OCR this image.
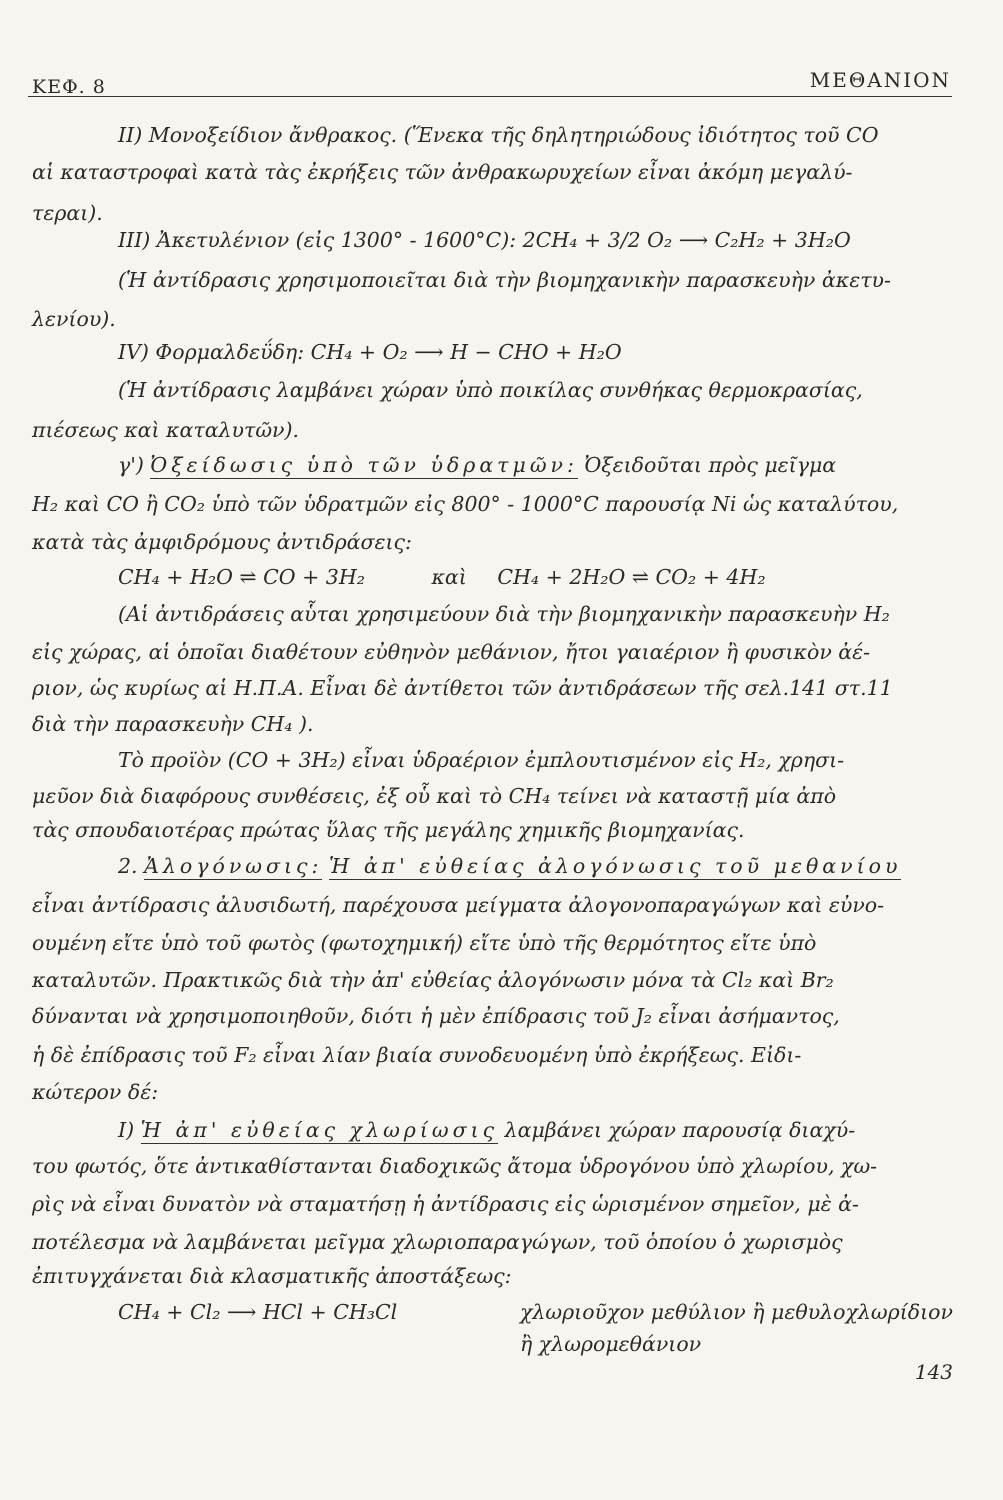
ΚΕΦ. 8	ΜΕΘΑΝΙΟΝ
II) Μονοξείδιον ἄνθρακος. (Ἕνεκα τῆς δηλητηριώδους ἰδιότητος τοῦ CO
αἱ καταστροφαὶ κατὰ τὰς ἐκρήξεις τῶν ἀνθρακωρυχείων εἶναι ἀκόμη μεγαλύ-
τεραι).
III) Ἀκετυλένιον (εἰς 1300° - 1600°C): 2CH₄ + 3/2 O₂ ⟶ C₂H₂ + 3H₂O
(Ἡ ἀντίδρασις χρησιμοποιεῖται διὰ τὴν βιομηχανικὴν παρασκευὴν ἀκετυ-
λενίου).
IV) Φορμαλδεΰδη: CH₄ + O₂ ⟶ H − CHO + H₂O
(Ἡ ἀντίδρασις λαμβάνει χώραν ὑπὸ ποικίλας συνθήκας θερμοκρασίας,
πιέσεως καὶ καταλυτῶν).
γ') Ὀξείδωσις ὑπὸ τῶν ὑδρατμῶν: Ὀξειδοῦται πρὸς μεῖγμα
H₂ καὶ CO ἢ CO₂ ὑπὸ τῶν ὑδρατμῶν εἰς 800° - 1000°C παρουσίᾳ Ni ὡς καταλύτου,
κατὰ τὰς ἀμφιδρόμους ἀντιδράσεις:
CH₄ + H₂O ⇌ CO + 3H₂	καὶ CH₄ + 2H₂O ⇌ CO₂ + 4H₂
(Αἱ ἀντιδράσεις αὗται χρησιμεύουν διὰ τὴν βιομηχανικὴν παρασκευὴν H₂
εἰς χώρας, αἱ ὁποῖαι διαθέτουν εὐθηνὸν μεθάνιον, ἤτοι γαιαέριον ἢ φυσικὸν ἀέ-
ριον, ὡς κυρίως αἱ Η.Π.Α. Εἶναι δὲ ἀντίθετοι τῶν ἀντιδράσεων τῆς σελ.141 στ.11
διὰ τὴν παρασκευὴν CH₄ ).
Τὸ προϊὸν (CO + 3H₂) εἶναι ὑδραέριον ἐμπλουτισμένον εἰς H₂, χρησι-
μεῦον διὰ διαφόρους συνθέσεις, ἐξ οὗ καὶ τὸ CH₄ τείνει νὰ καταστῇ μία ἀπὸ
τὰς σπουδαιοτέρας πρώτας ὕλας τῆς μεγάλης χημικῆς βιομηχανίας.
2. Ἀλογόνωσις: Ἡ ἀπ' εὐθείας ἀλογόνωσις τοῦ μεθανίου
εἶναι ἀντίδρασις ἀλυσιδωτή, παρέχουσα μείγματα ἀλογονοπαραγώγων καὶ εὐνο-
ουμένη εἴτε ὑπὸ τοῦ φωτὸς (φωτοχημική) εἴτε ὑπὸ τῆς θερμότητος εἴτε ὑπὸ
καταλυτῶν. Πρακτικῶς διὰ τὴν ἀπ' εὐθείας ἀλογόνωσιν μόνα τὰ Cl₂ καὶ Br₂
δύνανται νὰ χρησιμοποιηθοῦν, διότι ἡ μὲν ἐπίδρασις τοῦ J₂ εἶναι ἀσήμαντος,
ἡ δὲ ἐπίδρασις τοῦ F₂ εἶναι λίαν βιαία συνοδευομένη ὑπὸ ἐκρήξεως. Εἰδι-
κώτερον δέ:
I) Ἡ ἀπ' εὐθείας χλωρίωσις λαμβάνει χώραν παρουσίᾳ διαχύ-
του φωτός, ὅτε ἀντικαθίστανται διαδοχικῶς ἄτομα ὑδρογόνου ὑπὸ χλωρίου, χω-
ρὶς νὰ εἶναι δυνατὸν νὰ σταματήσῃ ἡ ἀντίδρασις εἰς ὡρισμένον σημεῖον, μὲ ἀ-
ποτέλεσμα νὰ λαμβάνεται μεῖγμα χλωριοπαραγώγων, τοῦ ὁποίου ὁ χωρισμὸς
ἐπιτυγχάνεται διὰ κλασματικῆς ἀποστάξεως:
CH₄ + Cl₂ ⟶ HCl + CH₃Cl	χλωριοῦχον μεθύλιον ἢ μεθυλοχλωρίδιον
ἢ χλωρομεθάνιον
143
